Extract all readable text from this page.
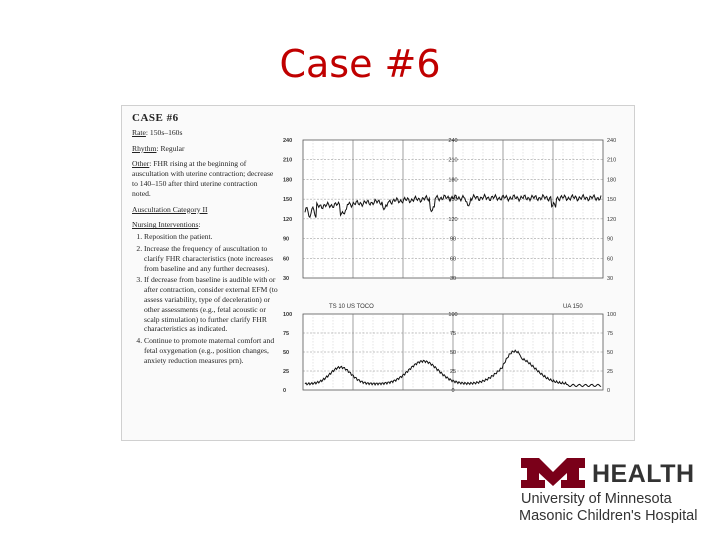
Case #6
CASE #6
Rate: 150s–160s
Rhythm: Regular
Other: FHR rising at the beginning of auscultation with uterine contraction; decrease to 140–150 after third uterine contraction noted.
Auscultation Category II
Nursing Interventions:
1. Reposition the patient.
2. Increase the frequency of auscultation to clarify FHR characteristics (note increases from baseline and any further decreases).
3. If decrease from baseline is audible with or after contraction, consider external EFM (to assess variability, type of deceleration) or other assessments (e.g., fetal acoustic or scalp stimulation) to further clarify FHR characteristics as indicated.
4. Continue to promote maternal comfort and fetal oxygenation (e.g., position changes, anxiety reduction measures prn).
240	240	240
210	210	210
180	180	180
150	150	150
120	120	120
90	90	90
60	60	60
30	30	30
100	100	100
75	75	75
50	50	50
25	25	25
0	0	0
TS 10 US TOCO	UA 150
HEALTH
University of Minnesota
Masonic Children's Hospital
